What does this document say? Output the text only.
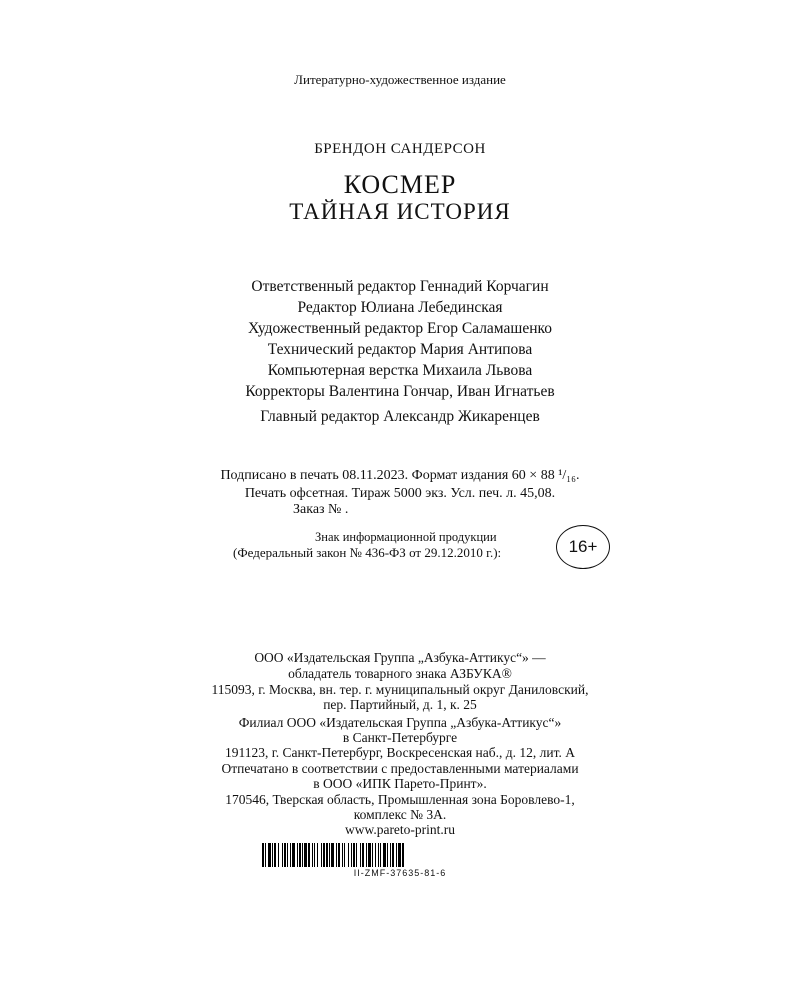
Литературно-художественное издание
БРЕНДОН САНДЕРСОН
КОСМЕР
ТАЙНАЯ ИСТОРИЯ
Ответственный редактор Геннадий Корчагин
Редактор Юлиана Лебединская
Художественный редактор Егор Саламашенко
Технический редактор Мария Антипова
Компьютерная верстка Михаила Львова
Корректоры Валентина Гончар, Иван Игнатьев
Главный редактор Александр Жикаренцев
Подписано в печать 08.11.2023. Формат издания 60 × 88 ¹/₁₆.
Печать офсетная. Тираж 5000 экз. Усл. печ. л. 45,08.
Заказ № .
Знак информационной продукции
(Федеральный закон № 436-ФЗ от 29.12.2010 г.):	16+
ООО «Издательская Группа „Азбука-Аттикус“» —
обладатель товарного знака АЗБУКА®
115093, г. Москва, вн. тер. г. муниципальный округ Даниловский,
пер. Партийный, д. 1, к. 25
Филиал ООО «Издательская Группа „Азбука-Аттикус“»
в Санкт-Петербурге
191123, г. Санкт-Петербург, Воскресенская наб., д. 12, лит. А
Отпечатано в соответствии с предоставленными материалами
в ООО «ИПК Парето-Принт».
170546, Тверская область, Промышленная зона Боровлево-1,
комплекс № 3А.
www.pareto-print.ru
II-ZMF-37635-81-6
